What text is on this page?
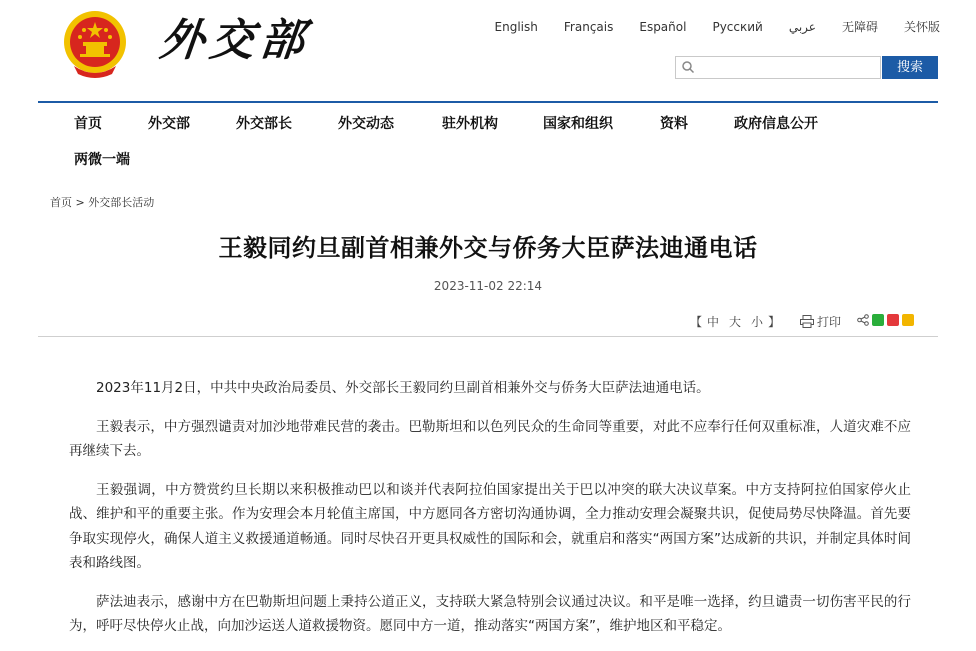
外交部	English Français Español Русский عربي 无障碍 关怀版
搜索
首页	外交部	外交部长	外交动态	驻外机构	国家和组织	资料	政府信息公开
两微一端
首页 > 外交部长活动
王毅同约旦副首相兼外交与侨务大臣萨法迪通电话
2023-11-02 22:14
【 中 大 小 】	打印

2023年11月2日，中共中央政治局委员、外交部长王毅同约旦副首相兼外交与侨务大臣萨法迪通电话。

王毅表示，中方强烈谴责对加沙地带难民营的袭击。巴勒斯坦和以色列民众的生命同等重要，对此不应奉行任何双重标准，人道灾难不应再继续下去。

王毅强调，中方赞赏约旦长期以来积极推动巴以和谈并代表阿拉伯国家提出关于巴以冲突的联大决议草案。中方支持阿拉伯国家停火止战、维护和平的重要主张。作为安理会本月轮值主席国，中方愿同各方密切沟通协调，全力推动安理会凝聚共识，促使局势尽快降温。首先要争取实现停火，确保人道主义救援通道畅通。同时尽快召开更具权威性的国际和会，就重启和落实“两国方案”达成新的共识，并制定具体时间表和路线图。

萨法迪表示，感谢中方在巴勒斯坦问题上秉持公道正义，支持联大紧急特别会议通过决议。和平是唯一选择，约旦谴责一切伤害平民的行为，呼吁尽快停火止战，向加沙运送人道救援物资。愿同中方一道，推动落实“两国方案”，维护地区和平稳定。
